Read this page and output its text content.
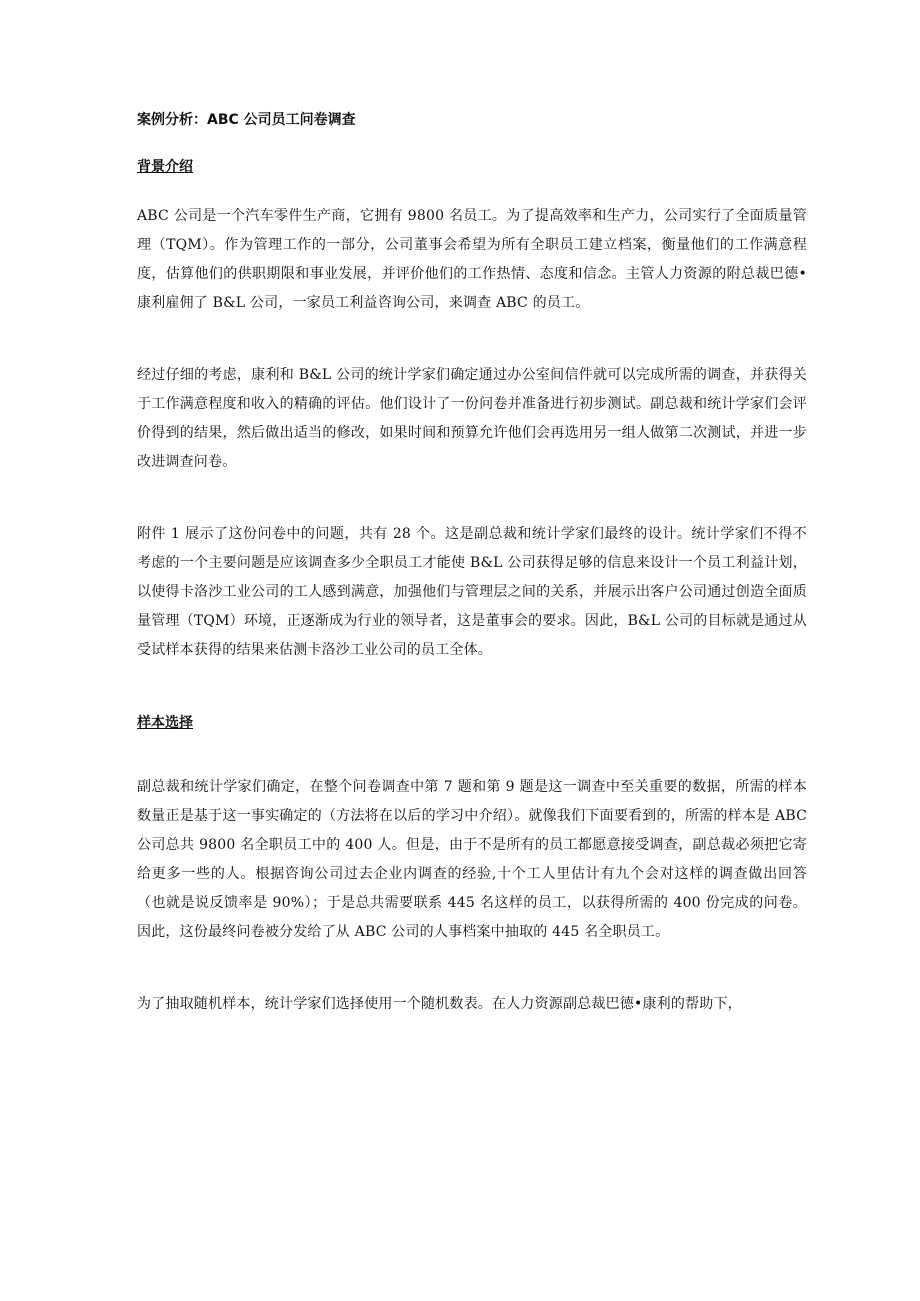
案例分析：ABC 公司员工问卷调查

背景介绍

ABC 公司是一个汽车零件生产商，它拥有 9800 名员工。为了提高效率和生产力，公司实行了全面质量管理（TQM）。作为管理工作的一部分，公司董事会希望为所有全职员工建立档案，衡量他们的工作满意程度，估算他们的供职期限和事业发展，并评价他们的工作热情、态度和信念。主管人力资源的附总裁巴德•康利雇佣了 B&L 公司，一家员工利益咨询公司，来调查 ABC 的员工。

经过仔细的考虑，康利和 B&L 公司的统计学家们确定通过办公室间信件就可以完成所需的调查，并获得关于工作满意程度和收入的精确的评估。他们设计了一份问卷并准备进行初步测试。副总裁和统计学家们会评价得到的结果，然后做出适当的修改，如果时间和预算允许他们会再选用另一组人做第二次测试，并进一步改进调查问卷。

附件 1 展示了这份问卷中的问题，共有 28 个。这是副总裁和统计学家们最终的设计。统计学家们不得不考虑的一个主要问题是应该调查多少全职员工才能使 B&L 公司获得足够的信息来设计一个员工利益计划，以使得卡洛沙工业公司的工人感到满意，加强他们与管理层之间的关系，并展示出客户公司通过创造全面质量管理（TQM）环境，正逐渐成为行业的领导者，这是董事会的要求。因此，B&L 公司的目标就是通过从受试样本获得的结果来估测卡洛沙工业公司的员工全体。

样本选择

副总裁和统计学家们确定，在整个问卷调查中第 7 题和第 9 题是这一调查中至关重要的数据，所需的样本数量正是基于这一事实确定的（方法将在以后的学习中介绍）。就像我们下面要看到的，所需的样本是 ABC 公司总共 9800 名全职员工中的 400 人。但是，由于不是所有的员工都愿意接受调查，副总裁必须把它寄给更多一些的人。根据咨询公司过去企业内调查的经验,十个工人里估计有九个会对这样的调查做出回答（也就是说反馈率是 90%）；于是总共需要联系 445 名这样的员工，以获得所需的 400 份完成的问卷。因此，这份最终问卷被分发给了从 ABC 公司的人事档案中抽取的 445 名全职员工。

为了抽取随机样本，统计学家们选择使用一个随机数表。在人力资源副总裁巴德•康利的帮助下，
